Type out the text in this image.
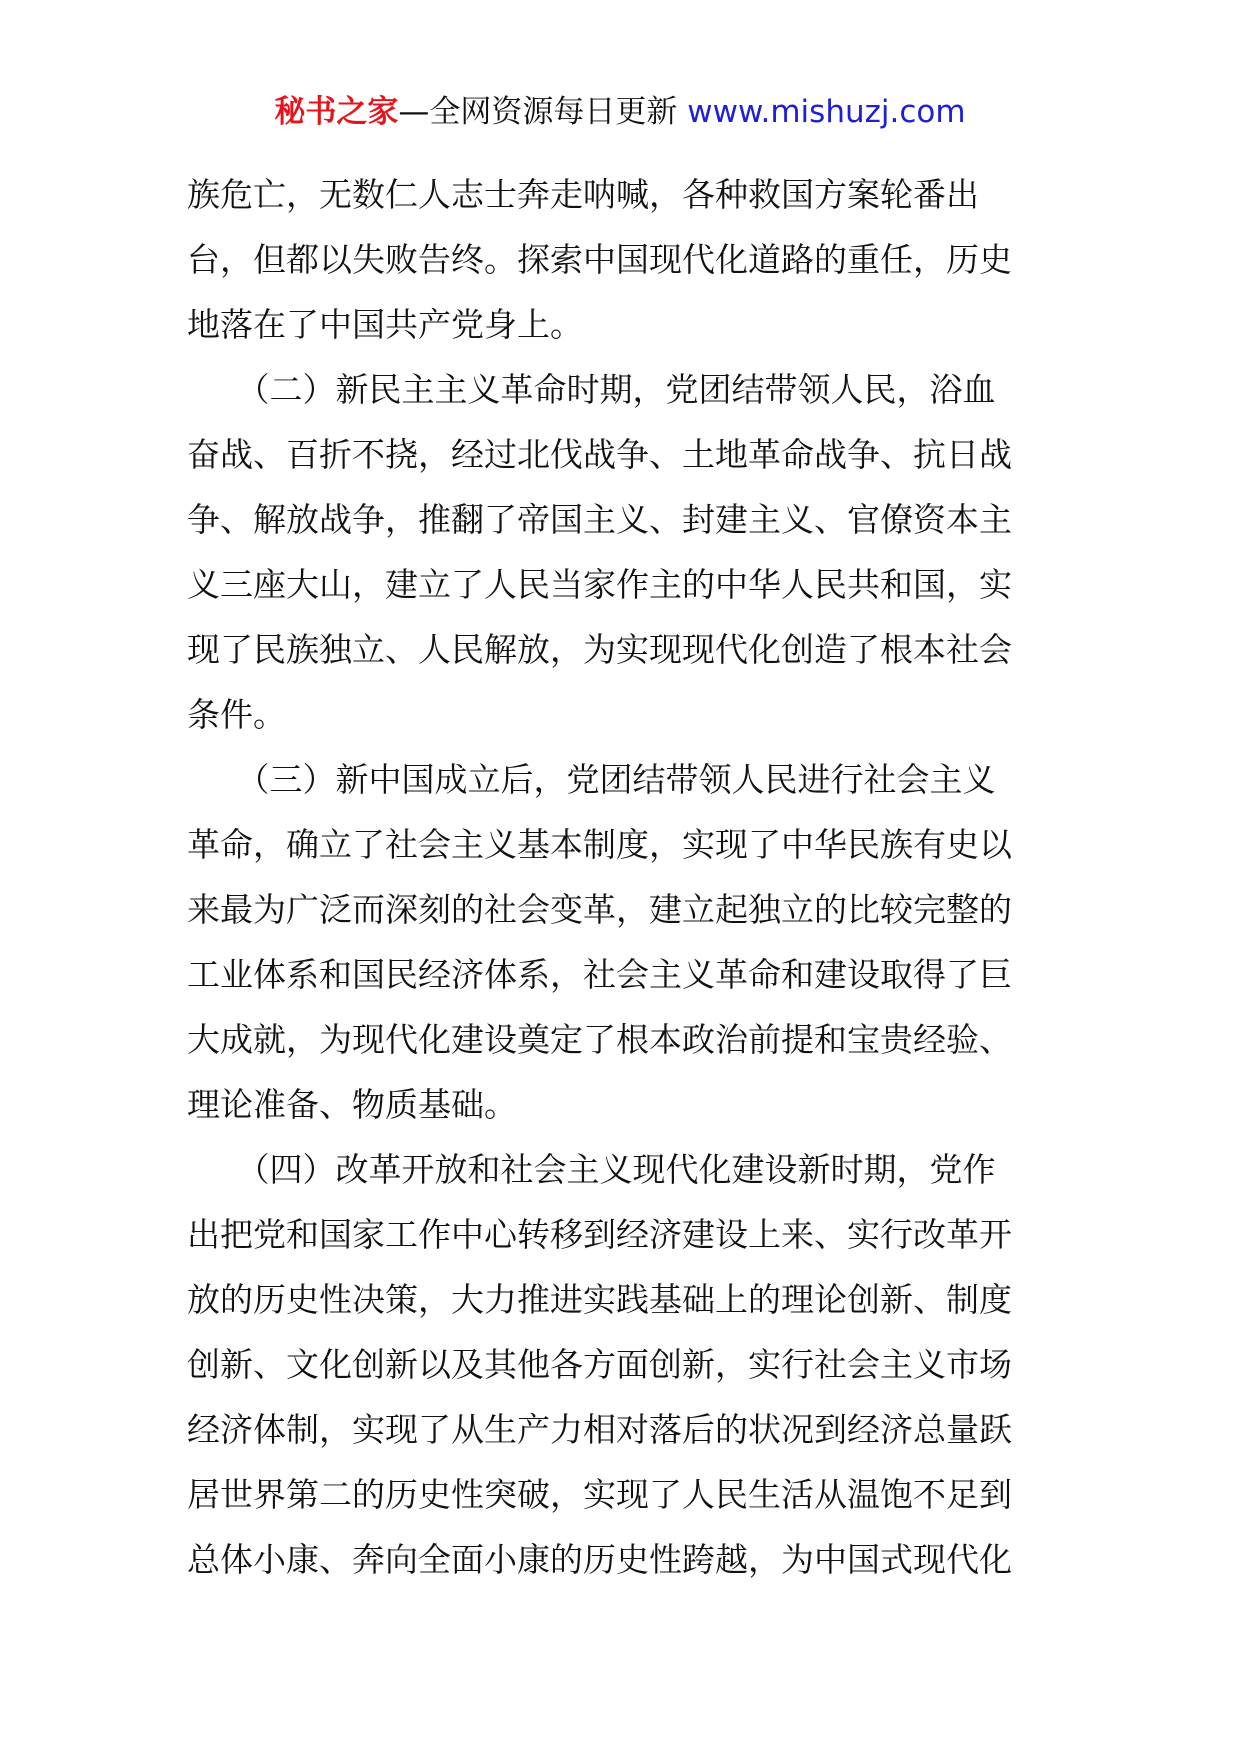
秘书之家—全网资源每日更新 www.mishuzj.com
族危亡，无数仁人志士奔走呐喊，各种救国方案轮番出
台，但都以失败告终。探索中国现代化道路的重任，历史
地落在了中国共产党身上。
　　（二）新民主主义革命时期，党团结带领人民，浴血
奋战、百折不挠，经过北伐战争、土地革命战争、抗日战
争、解放战争，推翻了帝国主义、封建主义、官僚资本主
义三座大山，建立了人民当家作主的中华人民共和国，实
现了民族独立、人民解放，为实现现代化创造了根本社会
条件。
　　（三）新中国成立后，党团结带领人民进行社会主义
革命，确立了社会主义基本制度，实现了中华民族有史以
来最为广泛而深刻的社会变革，建立起独立的比较完整的
工业体系和国民经济体系，社会主义革命和建设取得了巨
大成就，为现代化建设奠定了根本政治前提和宝贵经验、
理论准备、物质基础。
　　（四）改革开放和社会主义现代化建设新时期，党作
出把党和国家工作中心转移到经济建设上来、实行改革开
放的历史性决策，大力推进实践基础上的理论创新、制度
创新、文化创新以及其他各方面创新，实行社会主义市场
经济体制，实现了从生产力相对落后的状况到经济总量跃
居世界第二的历史性突破，实现了人民生活从温饱不足到
总体小康、奔向全面小康的历史性跨越，为中国式现代化
